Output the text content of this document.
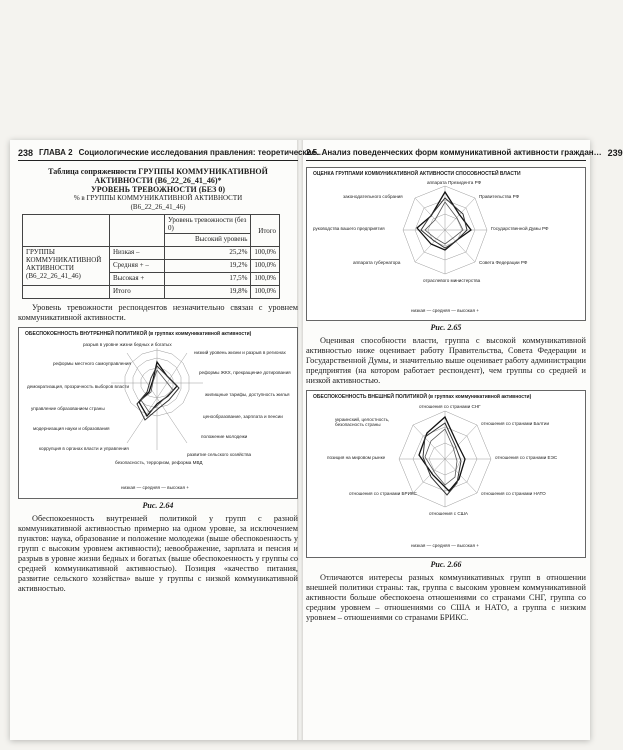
238 ГЛАВА 2 Социологические исследования правления: теоретические…
Таблица сопряженности ГРУППЫ КОММУНИКАТИВНОЙ
АКТИВНОСТИ (B6_22_26_41_46)*
УРОВЕНЬ ТРЕВОЖНОСТИ (БЕЗ 0)
% в ГРУППЫ КОММУНИКАТИВНОЙ АКТИВНОСТИ
(B6_22_26_41_46)
		Уровень тревожности (без 0)	Итого
		Высокий уровень	
ГРУППЫ КОММУНИКАТИВНОЙ АКТИВНОСТИ (B6_22_26_41_46)	Низкая –	25,2%	100,0%
	Средняя + –	19,2%	100,0%
	Высокая +	17,5%	100,0%
	Итого	19,8%	100,0%

Уровень тревожности респондентов незначительно связан с уровнем коммуникативной активности.

ОБЕСПОКОЕННОСТЬ ВНУТРЕННЕЙ ПОЛИТИКОЙ (в группах коммуникативной активности)
разрыв в уровне жизни бедных и богатых
низкий уровень жизни и разрыв в регионах
реформы местного самоуправления
реформы ЖКХ, прекращение дотирования
демократизация, прозрачность выборов власти
жилищные тарифы, доступность жилья
управление образованием страны
ценообразование, зарплата и пенсии
модернизация науки и образования
положение молодежи
коррупция в органах власти и управления
безопасность, терроризм, реформа МВД
развитие сельского хозяйства
низкая — средняя — высокая +
Рис. 2.64

Обеспокоенность внутренней политикой у групп с разной коммуникативной активностью примерно на одном уровне, за исключением пунктов: наука, образование и положение молодежи (выше обеспокоенность у групп с высоким уровнем активности); невоображение, зарплата и пенсия и разрыв в уровне жизни бедных и богатых (выше обеспокоенность у группы со средней коммуникативной активностью). Позиция «качество питания, развитие сельского хозяйства» выше у группы с низкой коммуникативной активностью.

2.5. Анализ поведенческих форм коммуникативной активности граждан… 239
ОЦЕНКА ГРУППАМИ КОММУНИКАТИВНОЙ АКТИВНОСТИ СПОСОБНОСТЕЙ ВЛАСТИ
аппарата Президента РФ
Правительства РФ
Государственной Думы РФ
Совета Федерации РФ
отраслевого министерства
аппарата губернатора
руководства вашего предприятия
законодательного собрания
низкая — средняя — высокая +
Рис. 2.65

Оценивая способности власти, группа с высокой коммуникативной активностью ниже оценивает работу Правительства, Совета Федерации и Государственной Думы, и значительно выше оценивает работу администрации предприятия (на котором работает респондент), чем группы со средней и низкой активностью.

ОБЕСПОКОЕННОСТЬ ВНЕШНЕЙ ПОЛИТИКОЙ (в группах коммуникативной активности)
отношения со странами СНГ
украинский, целостность, безопасность страны	отношения со странами Балтии
отношения со странами ЕЭС
позиция на мировом рынке
отношения со странами НАТО
отношения со странами БРИКС
отношения с США
низкая — средняя — высокая +
Рис. 2.66

Отличаются интересы разных коммуникативных групп в отношении внешней политики страны: так, группа с высоким уровнем коммуникативной активности больше обеспокоена отношениями со странами СНГ, группа со средним уровнем – отношениями со США и НАТО, а группа с низким уровнем – отношениями со странами БРИКС.
